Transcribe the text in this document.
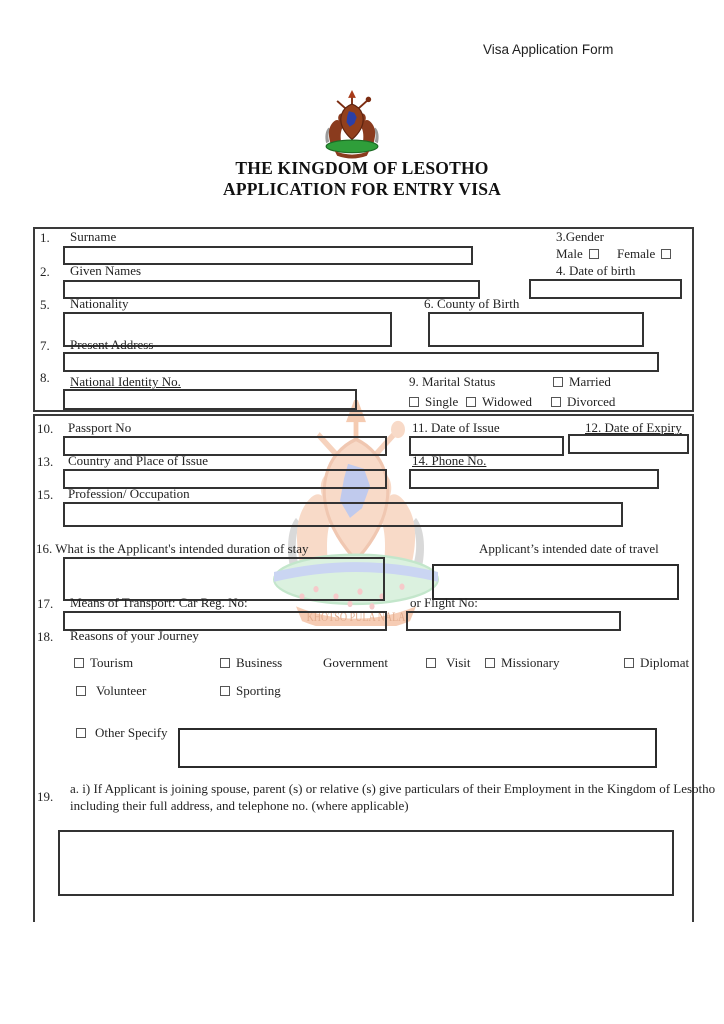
Visa Application Form
THE KINGDOM OF LESOTHO
APPLICATION FOR ENTRY VISA
KHOTSO PULA NALA
1. Surname	3.Gender
Male	Female
2. Given Names	4. Date of birth
5. Nationality	6. County of Birth
7. Present Address
8. National Identity No.	9. Marital Status	Married
Single Widowed	Divorced
10. Passport No	11. Date of Issue	12. Date of Expiry
13. Country and Place of Issue	14. Phone No.
15. Profession/ Occupation
16. What is the Applicant's intended duration of stay	Applicant’s intended date of travel
17. Means of Transport: Car Reg. No:	or Flight No:
18. Reasons of your Journey
Tourism	Business	Government	Visit Missionary	Diplomat
Volunteer	Sporting
Other Specify
19.
a. i) If Applicant is joining spouse, parent (s) or relative (s) give particulars of their Employment in the Kingdom of Lesotho
including their full address, and telephone no. (where applicable)
